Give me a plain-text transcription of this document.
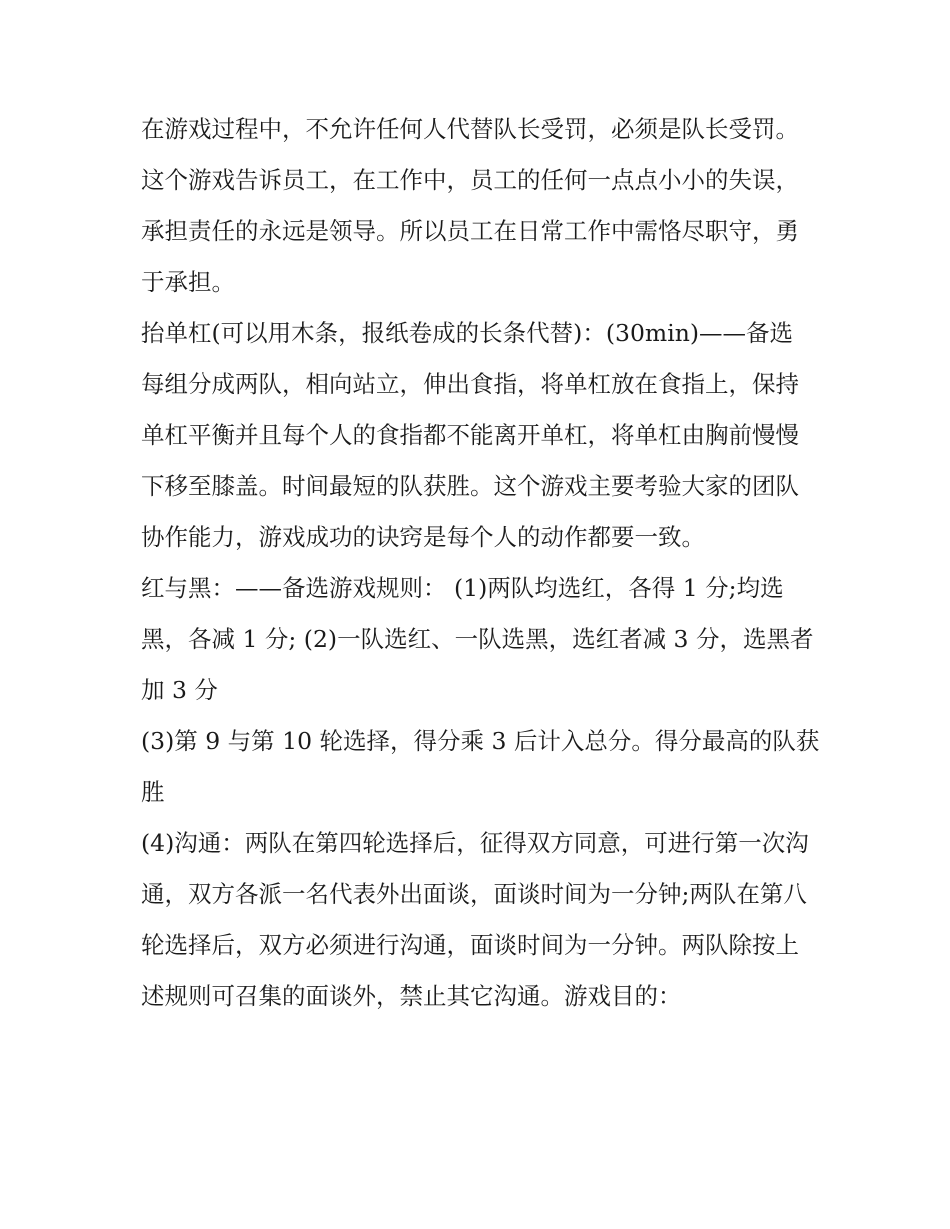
在游戏过程中，不允许任何人代替队长受罚，必须是队长受罚。这个游戏告诉员工，在工作中，员工的任何一点点小小的失误，承担责任的永远是领导。所以员工在日常工作中需恪尽职守，勇于承担。

抬单杠(可以用木条，报纸卷成的长条代替)：(30min)——备选

每组分成两队，相向站立，伸出食指，将单杠放在食指上，保持单杠平衡并且每个人的食指都不能离开单杠，将单杠由胸前慢慢下移至膝盖。时间最短的队获胜。这个游戏主要考验大家的团队协作能力，游戏成功的诀窍是每个人的动作都要一致。

红与黑：——备选游戏规则： (1)两队均选红，各得 1 分;均选黑，各减 1 分; (2)一队选红、一队选黑，选红者减 3 分，选黑者加 3 分

(3)第 9 与第 10 轮选择，得分乘 3 后计入总分。得分最高的队获胜

(4)沟通：两队在第四轮选择后，征得双方同意，可进行第一次沟通，双方各派一名代表外出面谈，面谈时间为一分钟;两队在第八轮选择后，双方必须进行沟通，面谈时间为一分钟。两队除按上述规则可召集的面谈外，禁止其它沟通。游戏目的：
